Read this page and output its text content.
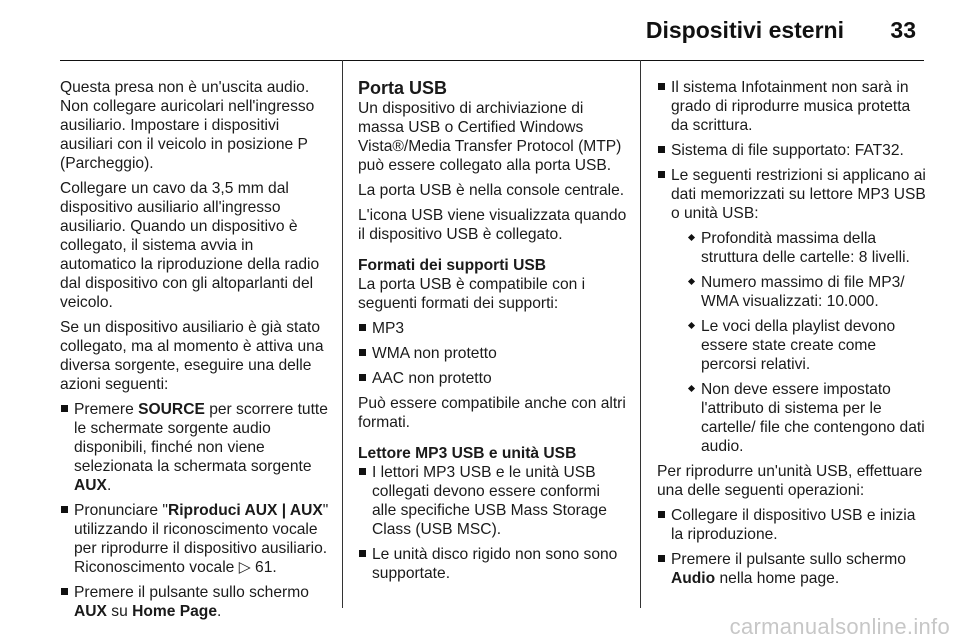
Dispositivi esterni 33

Questa presa non è un'uscita audio. Non collegare auricolari nell'ingresso ausiliario. Impostare i dispositivi ausiliari con il veicolo in posizione P (Parcheggio).

Collegare un cavo da 3,5 mm dal dispositivo ausiliario all'ingresso ausiliario. Quando un dispositivo è collegato, il sistema avvia in automatico la riproduzione della radio dal dispositivo con gli altoparlanti del veicolo.

Se un dispositivo ausiliario è già stato collegato, ma al momento è attiva una diversa sorgente, eseguire una delle azioni seguenti:

Premere SOURCE per scorrere tutte le schermate sorgente audio disponibili, finché non viene selezionata la schermata sorgente AUX.
Pronunciare "Riproduci AUX | AUX" utilizzando il riconoscimento vocale per riprodurre il dispositivo ausiliario. Riconoscimento vocale ▷ 61.
Premere il pulsante sullo schermo AUX su Home Page.
Porta USB

Un dispositivo di archiviazione di massa USB o Certified Windows Vista®/Media Transfer Protocol (MTP) può essere collegato alla porta USB.

La porta USB è nella console centrale.

L'icona USB viene visualizzata quando il dispositivo USB è collegato.

Formati dei supporti USB

La porta USB è compatibile con i seguenti formati dei supporti:

MP3
WMA non protetto
AAC non protetto

Può essere compatibile anche con altri formati.

Lettore MP3 USB e unità USB
I lettori MP3 USB e le unità USB collegati devono essere conformi alle specifiche USB Mass Storage Class (USB MSC).
Le unità disco rigido non sono sono supportate.
Il sistema Infotainment non sarà in grado di riprodurre musica protetta da scrittura.
Sistema di file supportato: FAT32.
Le seguenti restrizioni si applicano ai dati memorizzati su lettore MP3 USB o unità USB:
Profondità massima della struttura delle cartelle: 8 livelli.
Numero massimo di file MP3/ WMA visualizzati: 10.000.
Le voci della playlist devono essere state create come percorsi relativi.
Non deve essere impostato l'attributo di sistema per le cartelle/ file che contengono dati audio.

Per riprodurre un'unità USB, effettuare una delle seguenti operazioni:

Collegare il dispositivo USB e inizia la riproduzione.
Premere il pulsante sullo schermo Audio nella home page.
carmanualsonline.info
